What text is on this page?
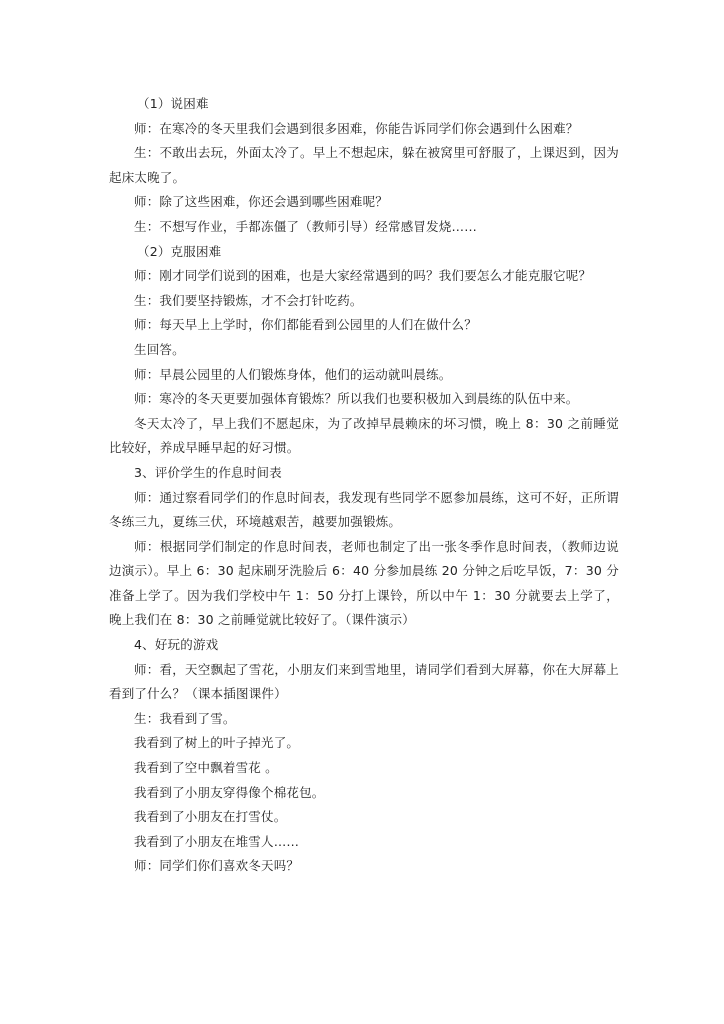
（1）说困难
师：在寒冷的冬天里我们会遇到很多困难，你能告诉同学们你会遇到什么困难？
生：不敢出去玩，外面太冷了。早上不想起床，躲在被窝里可舒服了，上课迟到，因为起床太晚了。
师：除了这些困难，你还会遇到哪些困难呢？
生：不想写作业，手都冻僵了（教师引导）经常感冒发烧……
（2）克服困难
师：刚才同学们说到的困难，也是大家经常遇到的吗？我们要怎么才能克服它呢？
生：我们要坚持锻炼，才不会打针吃药。
师：每天早上上学时，你们都能看到公园里的人们在做什么？
生回答。
师：早晨公园里的人们锻炼身体，他们的运动就叫晨练。
师：寒冷的冬天更要加强体育锻炼？所以我们也要积极加入到晨练的队伍中来。
冬天太冷了，早上我们不愿起床，为了改掉早晨赖床的坏习惯，晚上 8：30 之前睡觉比较好，养成早睡早起的好习惯。
3、评价学生的作息时间表
师：通过察看同学们的作息时间表，我发现有些同学不愿参加晨练，这可不好，正所谓冬练三九，夏练三伏，环境越艰苦，越要加强锻炼。
师：根据同学们制定的作息时间表，老师也制定了出一张冬季作息时间表，（教师边说边演示）。早上 6：30 起床刷牙洗脸后 6：40 分参加晨练 20 分钟之后吃早饭，7：30 分准备上学了。因为我们学校中午 1：50 分打上课铃，所以中午 1：30 分就要去上学了，晚上我们在 8：30 之前睡觉就比较好了。（课件演示）
4、好玩的游戏
师：看，天空飘起了雪花，小朋友们来到雪地里，请同学们看到大屏幕，你在大屏幕上看到了什么？（课本插图课件）
生：我看到了雪。
我看到了树上的叶子掉光了。
我看到了空中飘着雪花 。
我看到了小朋友穿得像个棉花包。
我看到了小朋友在打雪仗。
我看到了小朋友在堆雪人……
师：同学们你们喜欢冬天吗？
